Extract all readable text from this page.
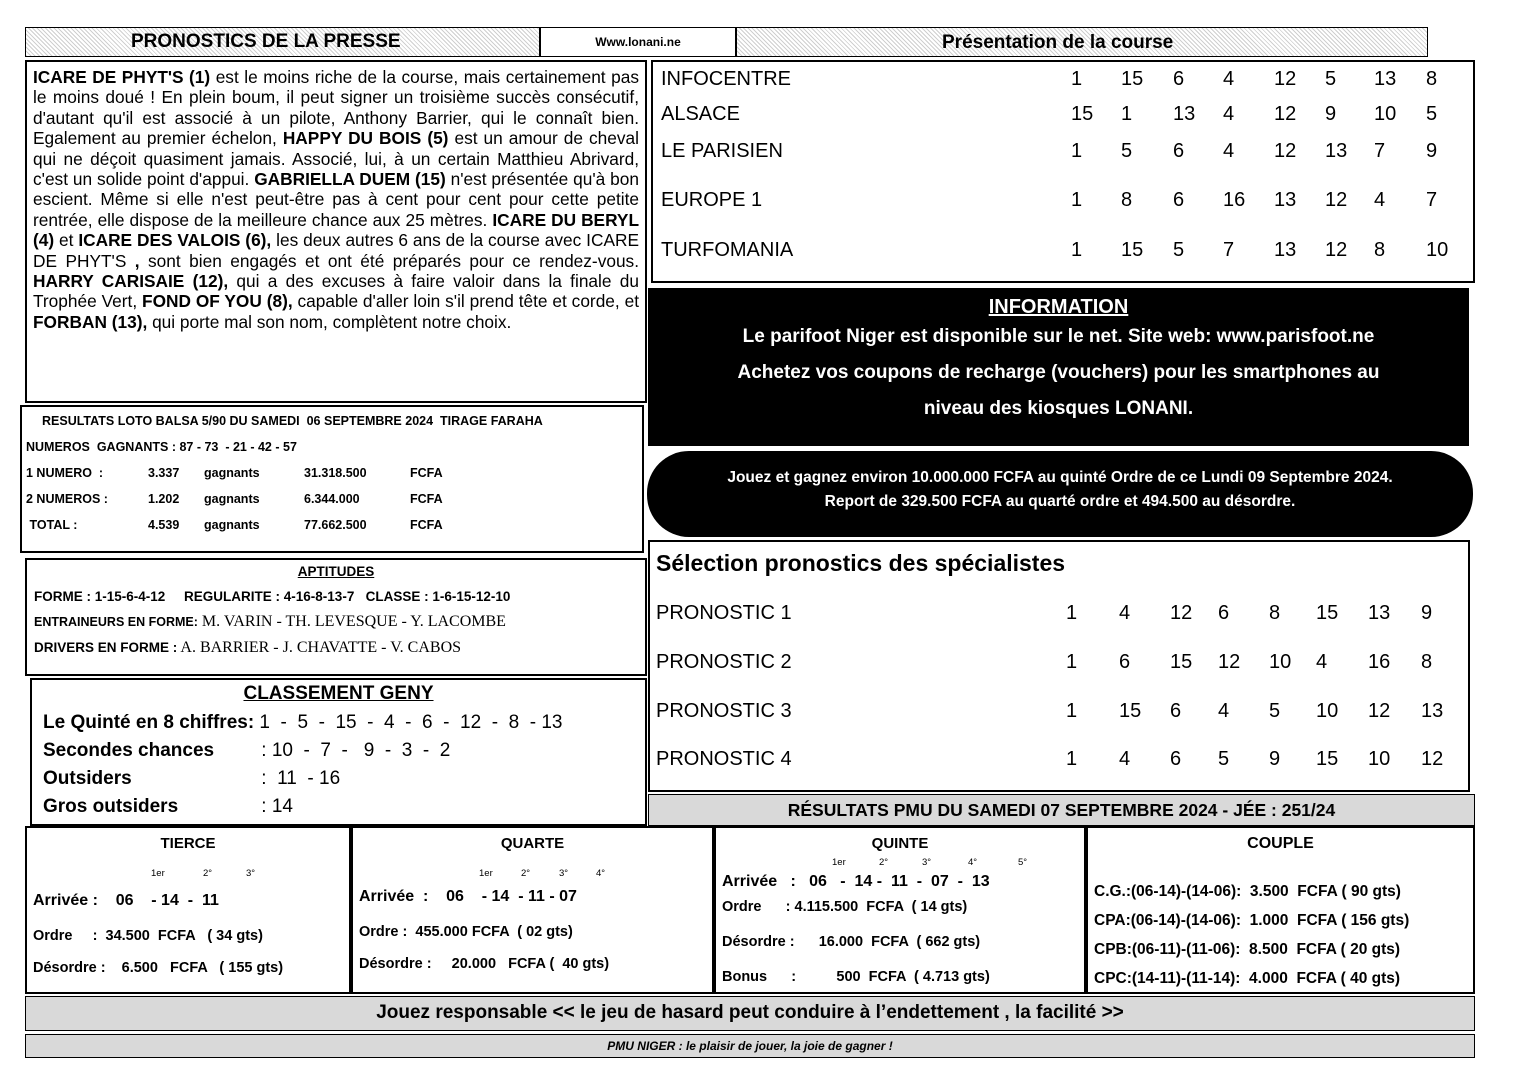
PRONOSTICS DE LA PRESSE	Www.lonani.ne	Présentation de la course
ICARE DE PHYT'S (1) est le moins riche de la course, mais certainement pas le moins doué ! En plein boum, il peut signer un troisième succès consécutif, d'autant qu'il est associé à un pilote, Anthony Barrier, qui le connaît bien. Egalement au premier échelon, HAPPY DU BOIS (5) est un amour de cheval qui ne déçoit quasiment jamais. Associé, lui, à un certain Matthieu Abrivard, c'est un solide point d'appui. GABRIELLA DUEM (15) n'est présentée qu'à bon escient. Même si elle n'est peut-être pas à cent pour cent pour cette petite rentrée, elle dispose de la meilleure chance aux 25 mètres. ICARE DU BERYL (4) et ICARE DES VALOIS (6), les deux autres 6 ans de la course avec ICARE DE PHYT'S , sont bien engagés et ont été préparés pour ce rendez-vous. HARRY CARISAIE (12), qui a des excuses à faire valoir dans la finale du Trophée Vert, FOND OF YOU (8), capable d'aller loin s'il prend tête et corde, et FORBAN (13), qui porte mal son nom, complètent notre choix.
INFOCENTRE	1 15 6 4 12 5 13 8
ALSACE	15 1 13 4 12 9 10 5
LE PARISIEN	1 5 6 4 12 13 7 9
EUROPE 1	1 8 6 16 13 12 4 7
TURFOMANIA	1 15 5 7 13 12 8 10
INFORMATION
Le parifoot Niger est disponible sur le net. Site web: www.parisfoot.ne
Achetez vos coupons de recharge (vouchers) pour les smartphones au
niveau des kiosques LONANI.
Jouez et gagnez environ 10.000.000 FCFA au quinté Ordre de ce Lundi 09 Septembre 2024.
Report de 329.500 FCFA au quarté ordre et 494.500 au désordre.
RESULTATS LOTO BALSA 5/90 DU SAMEDI  06 SEPTEMBRE 2024  TIRAGE FARAHA
NUMEROS  GAGNANTS : 87 - 73  - 21 - 42 - 57
1 NUMERO  :	3.337 gagnants	31.318.500	FCFA
2 NUMEROS :	1.202 gagnants	6.344.000	FCFA
TOTAL :	4.539 gagnants	77.662.500	FCFA
APTITUDES
FORME : 1-15-6-4-12     REGULARITE : 4-16-8-13-7   CLASSE : 1-6-15-12-10
ENTRAINEURS EN FORME: M. VARIN - TH. LEVESQUE - Y. LACOMBE
DRIVERS EN FORME : A. BARRIER - J. CHAVATTE - V. CABOS
CLASSEMENT GENY
Le Quinté en 8 chiffres: 1  -  5  -  15  -  4  -  6  -  12  -  8  - 13
Secondes chances : 10  -  7  -   9  -  3  -  2
Outsiders	:  11  - 16
Gros outsiders	: 14
Sélection pronostics des spécialistes
PRONOSTIC 1	1 4 12 6 8 15 13 9
PRONOSTIC 2	1 6 15 12 10 4 16 8
PRONOSTIC 3	1 15 6 4 5 10 12 13
PRONOSTIC 4	1 4 6 5 9 15 10 12
RÉSULTATS PMU DU SAMEDI 07 SEPTEMBRE 2024 - JÉE : 251/24
TIERCE
1er	2°	3°
Arrivée :    06    - 14  -  11
Ordre     :  34.500  FCFA   ( 34 gts)
Désordre :    6.500   FCFA   ( 155 gts)
QUARTE
1er	2°	3°	4°
Arrivée  :    06    - 14  - 11 - 07
Ordre :  455.000 FCFA  ( 02 gts)
Désordre :     20.000   FCFA (  40 gts)
QUINTE
1er	2°	3°	4°	5°
Arrivée   :   06   -  14 -  11  -  07  -  13
Ordre      : 4.115.500  FCFA  ( 14 gts)
Désordre :      16.000  FCFA  ( 662 gts)
Bonus      :          500  FCFA  ( 4.713 gts)
COUPLE
C.G.:(06-14)-(14-06):  3.500  FCFA ( 90 gts)
CPA:(06-14)-(14-06):  1.000  FCFA ( 156 gts)
CPB:(06-11)-(11-06):  8.500  FCFA ( 20 gts)
CPC:(14-11)-(11-14):  4.000  FCFA ( 40 gts)
Jouez responsable << le jeu de hasard peut conduire à l’endettement , la facilité >>
PMU NIGER : le plaisir de jouer, la joie de gagner !
